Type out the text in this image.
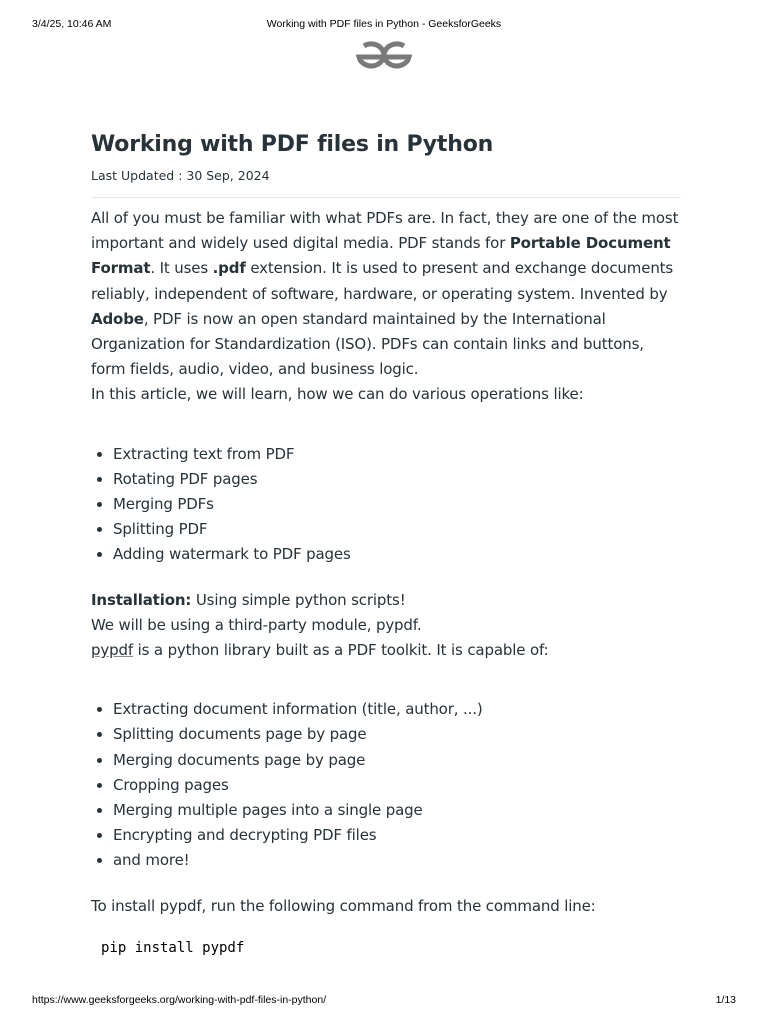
3/4/25, 10:46 AM	Working with PDF files in Python - GeeksforGeeks
Working with PDF files in Python
Last Updated : 30 Sep, 2024
All of you must be familiar with what PDFs are. In fact, they are one of the most important and widely used digital media. PDF stands for Portable Document Format. It uses .pdf extension. It is used to present and exchange documents reliably, independent of software, hardware, or operating system. Invented by Adobe, PDF is now an open standard maintained by the International Organization for Standardization (ISO). PDFs can contain links and buttons, form fields, audio, video, and business logic.
In this article, we will learn, how we can do various operations like:
• Extracting text from PDF
• Rotating PDF pages
• Merging PDFs
• Splitting PDF
• Adding watermark to PDF pages
Installation: Using simple python scripts!
We will be using a third-party module, pypdf.
pypdf is a python library built as a PDF toolkit. It is capable of:
• Extracting document information (title, author, ...)
• Splitting documents page by page
• Merging documents page by page
• Cropping pages
• Merging multiple pages into a single page
• Encrypting and decrypting PDF files
• and more!
To install pypdf, run the following command from the command line:
pip install pypdf
https://www.geeksforgeeks.org/working-with-pdf-files-in-python/	1/13
